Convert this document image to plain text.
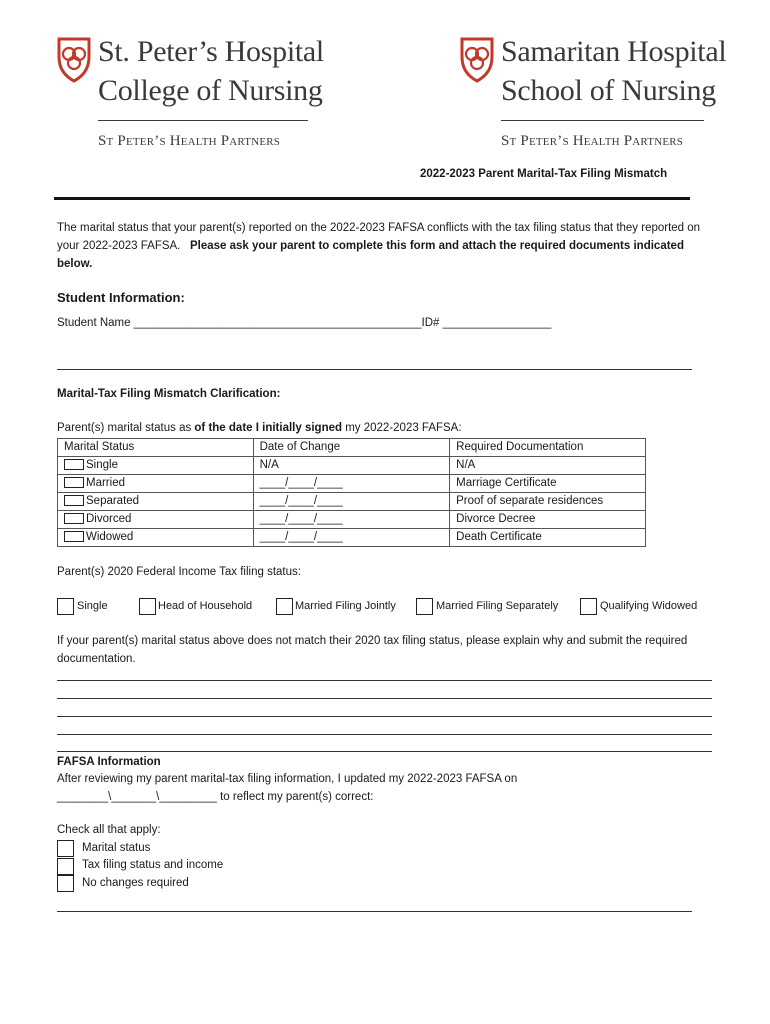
St. Peter’s Hospital
College of Nursing
St Peter’s Health Partners
Samaritan Hospital
School of Nursing
St Peter’s Health Partners
2022-2023 Parent Marital-Tax Filing Mismatch
The marital status that your parent(s) reported on the 2022-2023 FAFSA conflicts with the tax filing status that they reported on your 2022-2023 FAFSA. Please ask your parent to complete this form and attach the required documents indicated below.
Student Information:
Student Name _____________________________________________ID# _________________
Marital-Tax Filing Mismatch Clarification:
Parent(s) marital status as of the date I initially signed my 2022-2023 FAFSA:
Marital Status	Date of Change	Required Documentation
Single	N/A	N/A
Married	____/____/____	Marriage Certificate
Separated	____/____/____	Proof of separate residences
Divorced	____/____/____	Divorce Decree
Widowed	____/____/____	Death Certificate
Parent(s) 2020 Federal Income Tax filing status:
Single	Head of Household	Married Filing Jointly	Married Filing Separately	Qualifying Widowed
If your parent(s) marital status above does not match their 2020 tax filing status, please explain why and submit the required documentation.
FAFSA Information
After reviewing my parent marital-tax filing information, I updated my 2022-2023 FAFSA on
________\_______\_________ to reflect my parent(s) correct:
Check all that apply:
Marital status
Tax filing status and income
No changes required
